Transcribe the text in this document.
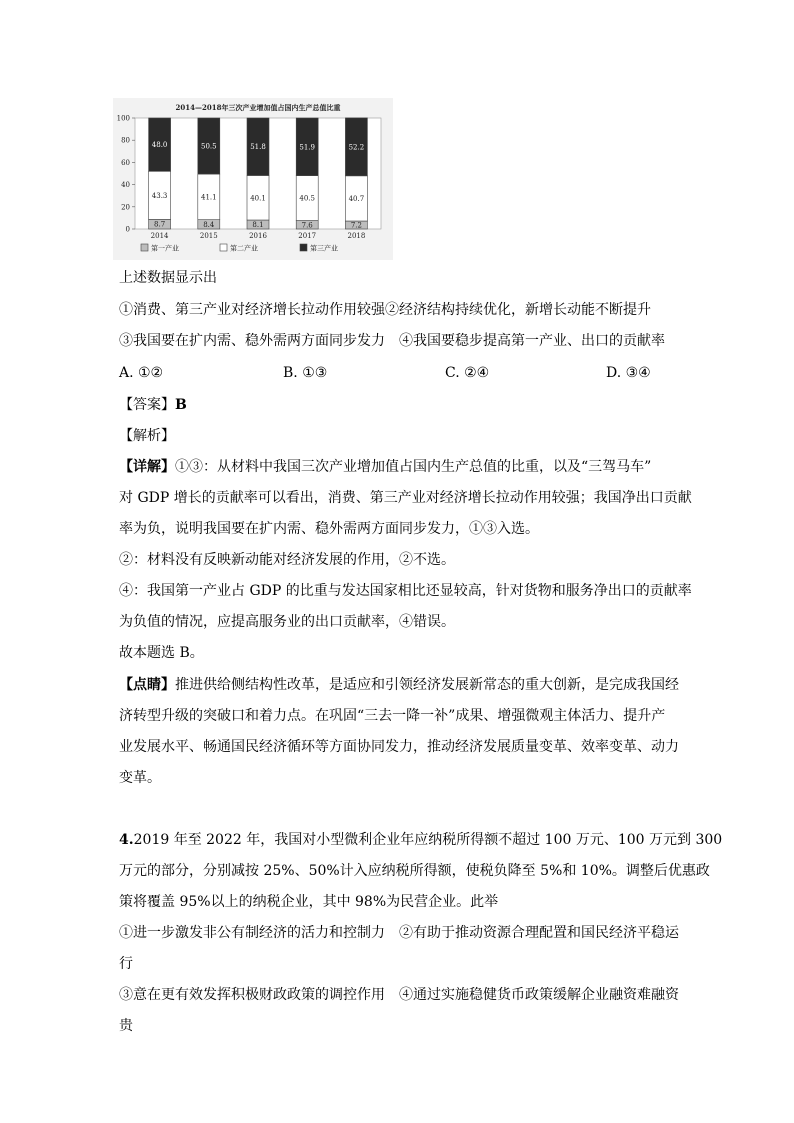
2014—2018年三次产业增加值占国内生产总值比重
0
20
40
60
80
100
8.7
43.3
48.0
2014
8.4
41.1
50.5
2015
8.1
40.1
51.8
2016
7.6
40.5
51.9
2017
7.2
40.7
52.2
2018
第一产业	第二产业	第三产业
上述数据显示出
①消费、第三产业对经济增长拉动作用较强②经济结构持续优化，新增长动能不断提升
③我国要在扩内需、稳外需两方面同步发力　④我国要稳步提高第一产业、出口的贡献率
A. ①②	B. ①③	C. ②④	D. ③④
【答案】B
【解析】
【详解】①③：从材料中我国三次产业增加值占国内生产总值的比重，以及“三驾马车”
对 GDP 增长的贡献率可以看出，消费、第三产业对经济增长拉动作用较强；我国净出口贡献
率为负，说明我国要在扩内需、稳外需两方面同步发力，①③入选。
②：材料没有反映新动能对经济发展的作用，②不选。
④：我国第一产业占 GDP 的比重与发达国家相比还显较高，针对货物和服务净出口的贡献率
为负值的情况，应提高服务业的出口贡献率，④错误。
故本题选 B。
【点睛】推进供给侧结构性改革，是适应和引领经济发展新常态的重大创新，是完成我国经
济转型升级的突破口和着力点。在巩固“三去一降一补”成果、增强微观主体活力、提升产
业发展水平、畅通国民经济循环等方面协同发力，推动经济发展质量变革、效率变革、动力
变革。
4.2019 年至 2022 年，我国对小型微利企业年应纳税所得额不超过 100 万元、100 万元到 300
万元的部分，分别减按 25%、50%计入应纳税所得额，使税负降至 5%和 10%。调整后优惠政
策将覆盖 95%以上的纳税企业，其中 98%为民营企业。此举
①进一步激发非公有制经济的活力和控制力　②有助于推动资源合理配置和国民经济平稳运
行
③意在更有效发挥积极财政政策的调控作用　④通过实施稳健货币政策缓解企业融资难融资
贵
